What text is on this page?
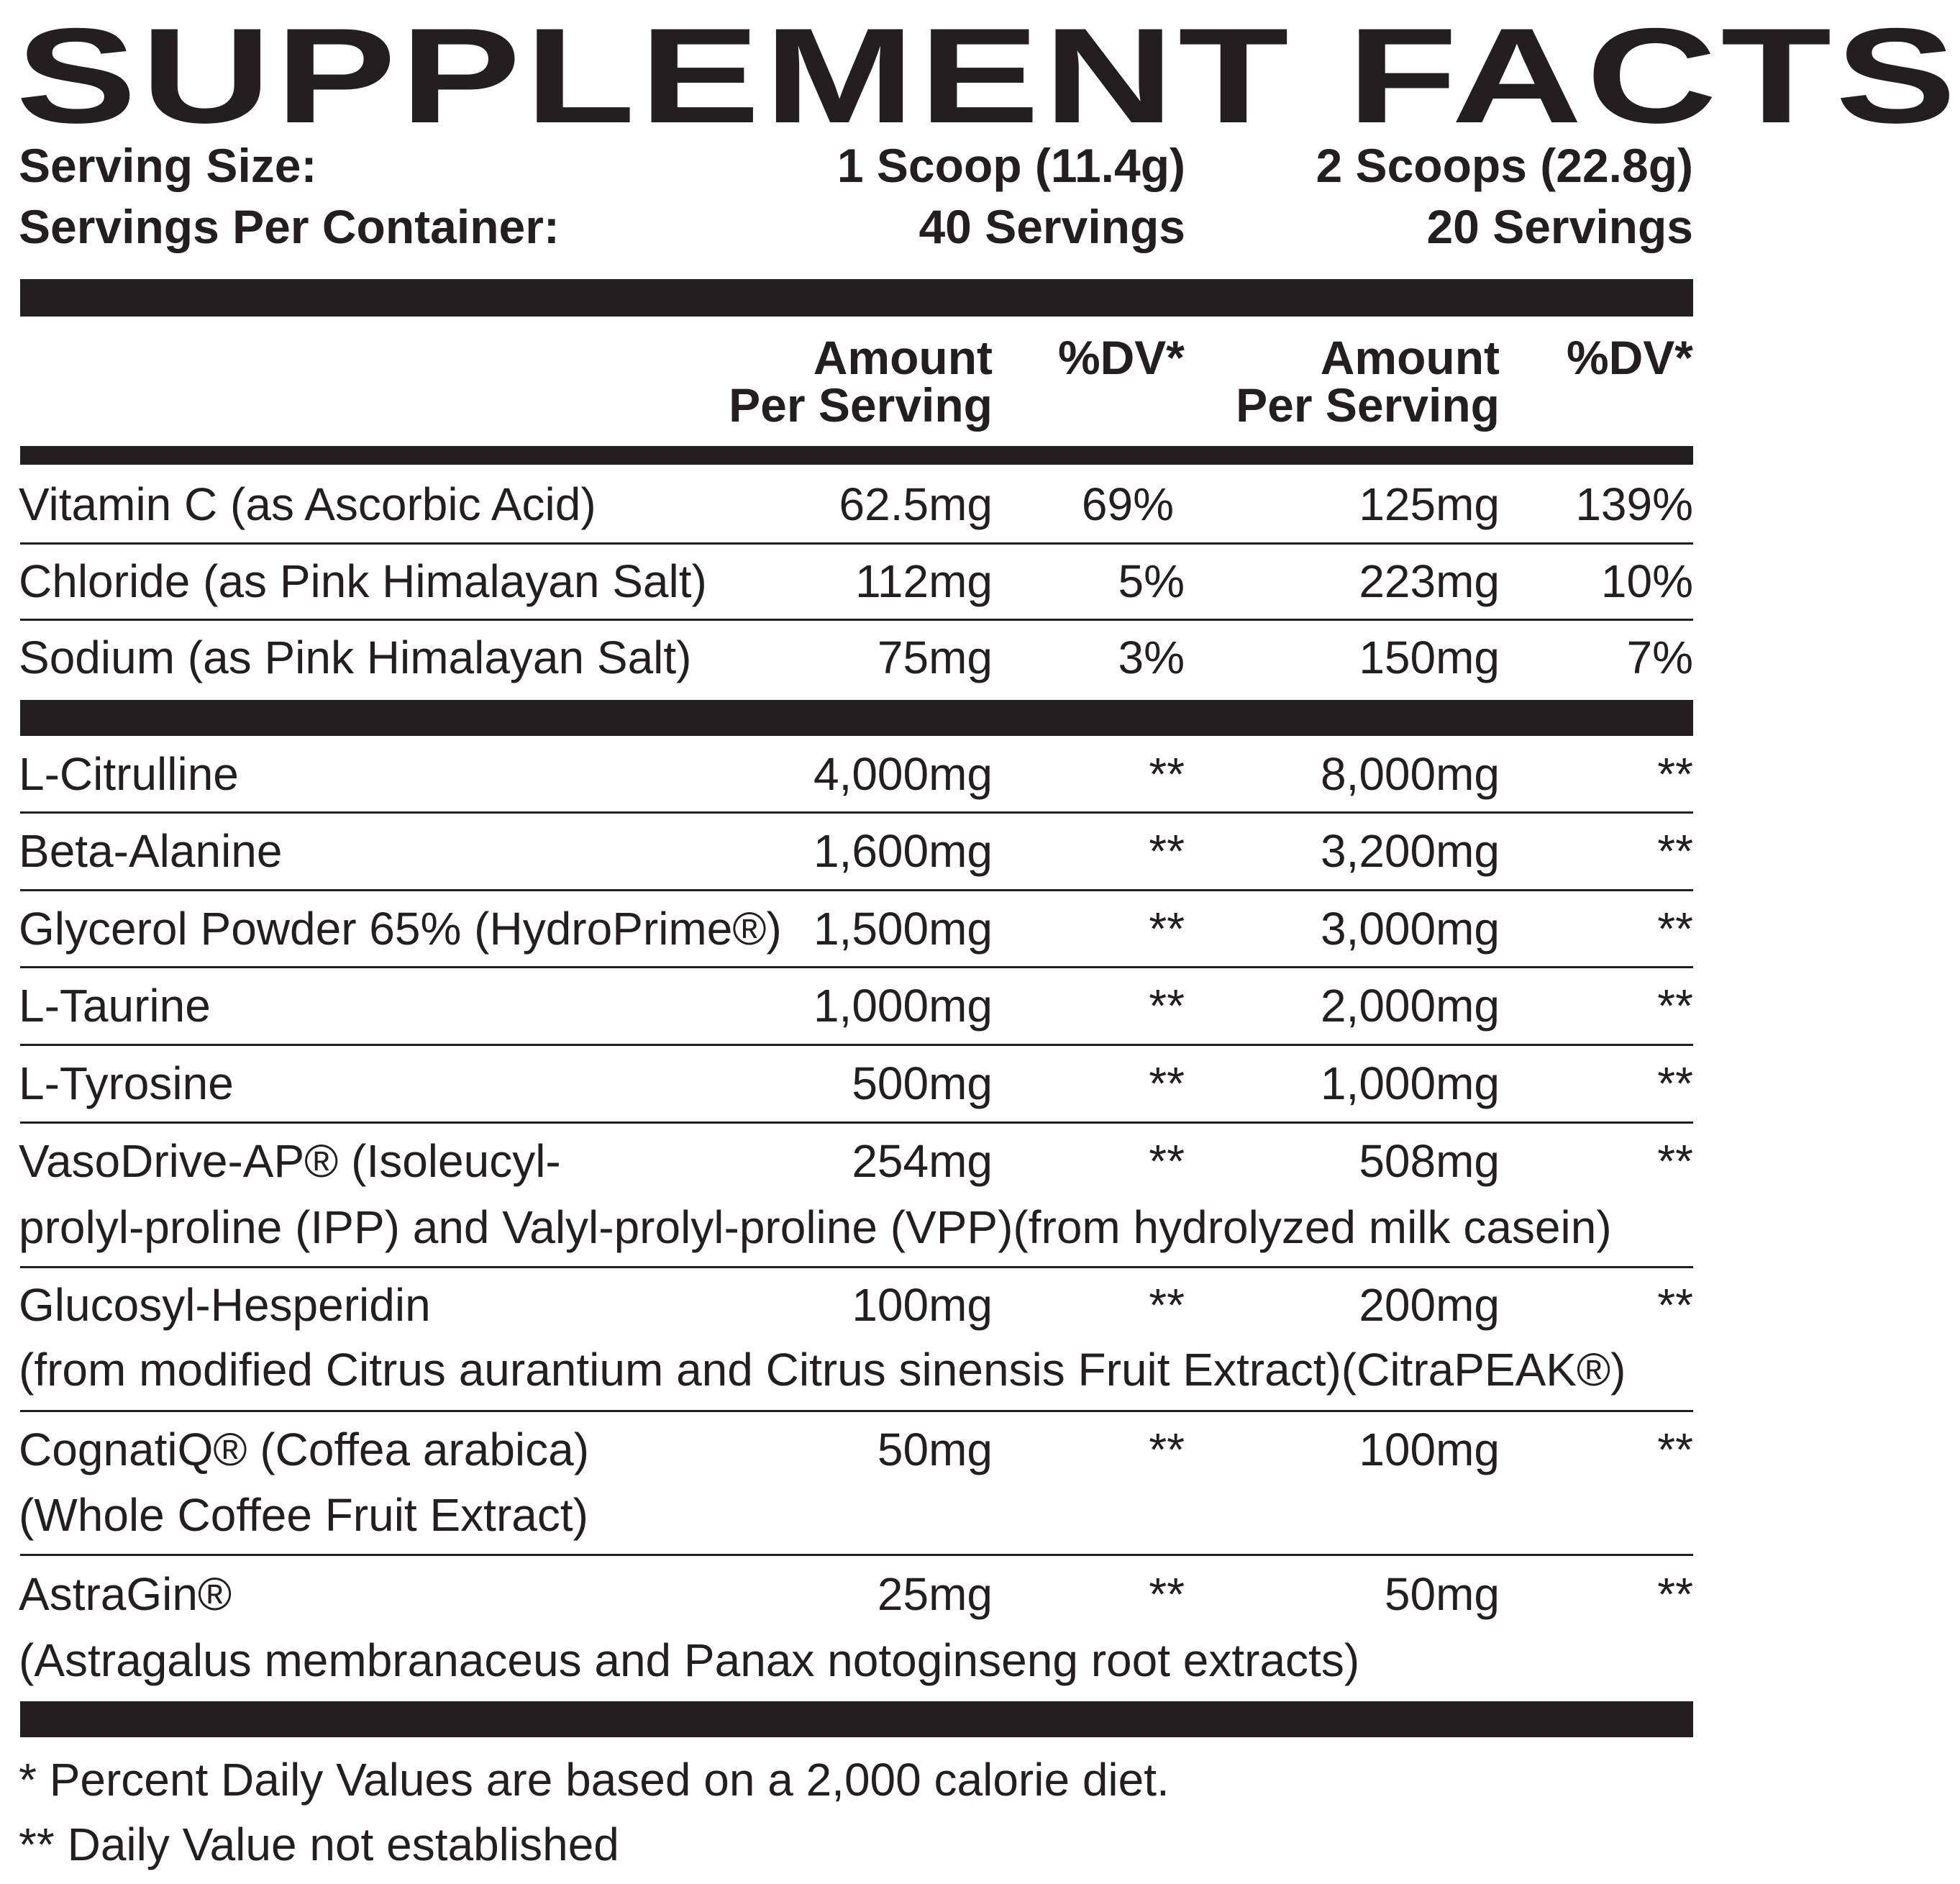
SUPPLEMENT FACTS
Serving Size:	1 Scoop (11.4g)	2 Scoops (22.8g)
Servings Per Container:	40 Servings	20 Servings
Amount
Per Serving
%DV*	Amount
Per Serving
%DV*
Vitamin C (as Ascorbic Acid)	62.5mg	69%	125mg	139%
Chloride (as Pink Himalayan Salt)	112mg	5%	223mg	10%
Sodium (as Pink Himalayan Salt)	75mg	3%	150mg	7%
L-Citrulline	4,000mg	**	8,000mg	**
Beta-Alanine	1,600mg	**	3,200mg	**
Glycerol Powder 65% (HydroPrime®) 1,500mg	**	3,000mg	**
L-Taurine	1,000mg	**	2,000mg	**
L-Tyrosine	500mg	**	1,000mg	**
VasoDrive-AP® (Isoleucyl-	254mg	**	508mg	**
prolyl-proline (IPP) and Valyl-prolyl-proline (VPP)(from hydrolyzed milk casein)
Glucosyl-Hesperidin	100mg	**	200mg	**
(from modified Citrus aurantium and Citrus sinensis Fruit Extract)(CitraPEAK®)
CognatiQ® (Coffea arabica)	50mg	**	100mg	**
(Whole Coffee Fruit Extract)
AstraGin®	25mg	**	50mg	**
(Astragalus membranaceus and Panax notoginseng root extracts)
* Percent Daily Values are based on a 2,000 calorie diet.
** Daily Value not established
